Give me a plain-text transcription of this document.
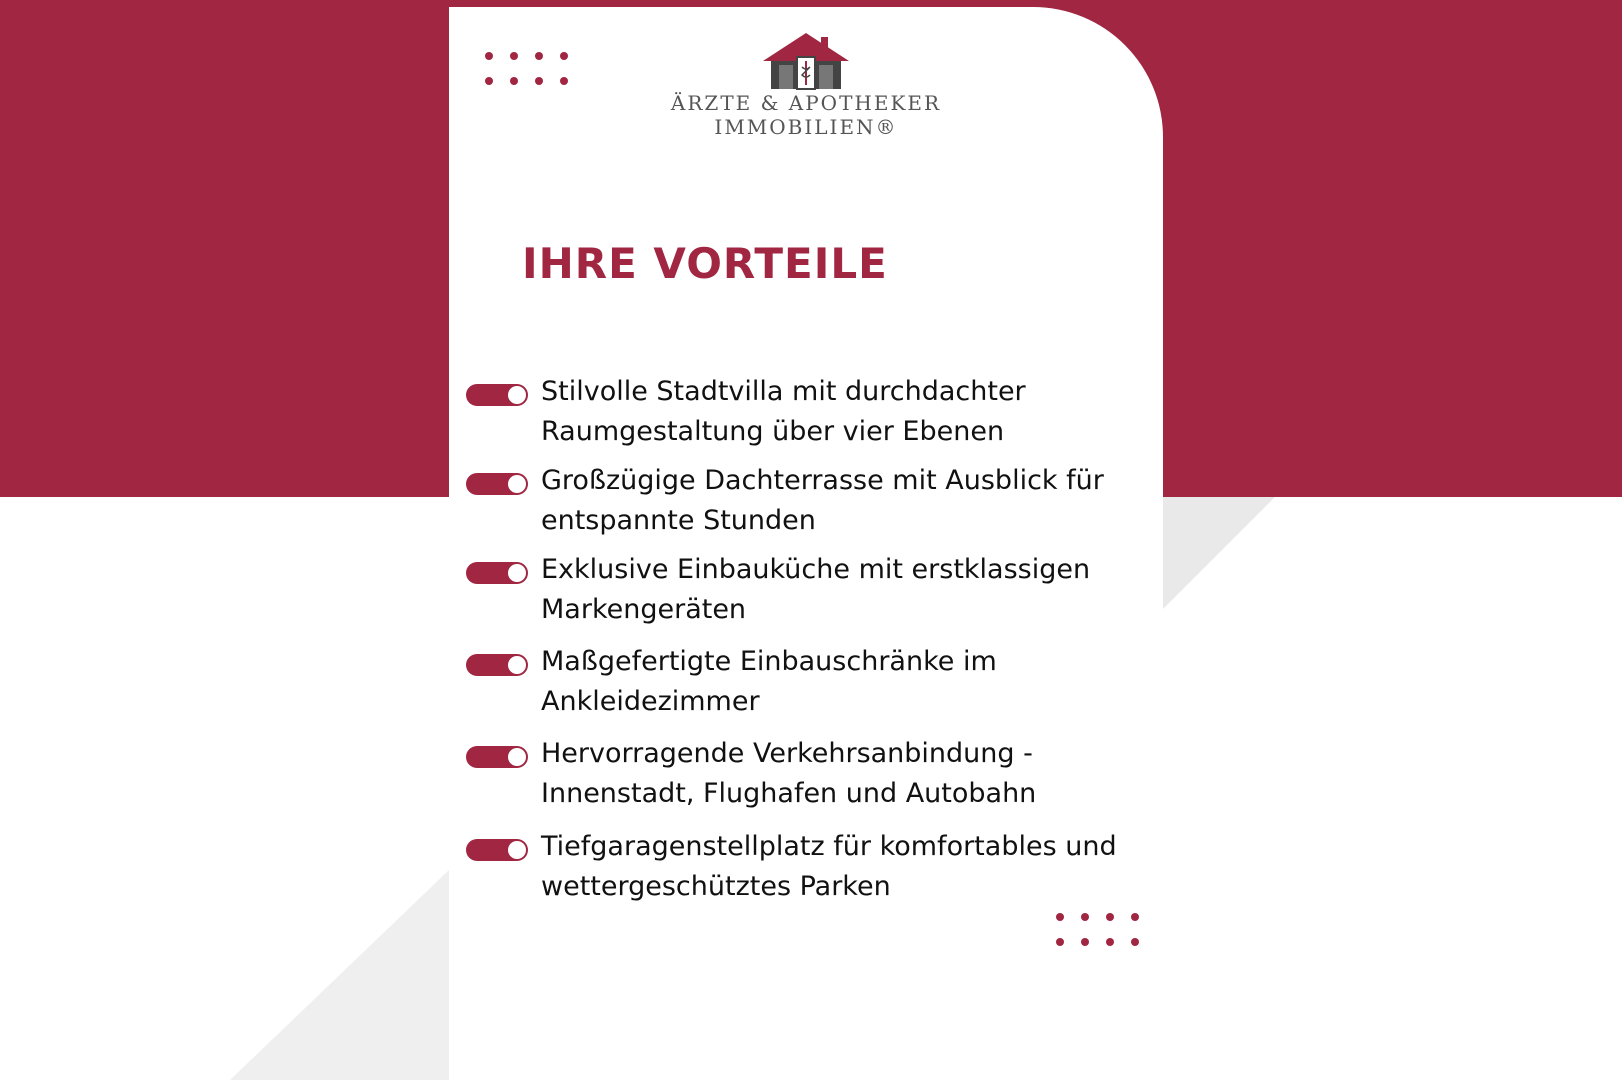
ÄRZTE & APOTHEKER
IMMOBILIEN®
IHRE VORTEILE
Stilvolle Stadtvilla mit durchdachter Raumgestaltung über vier Ebenen
Großzügige Dachterrasse mit Ausblick für entspannte Stunden
Exklusive Einbauküche mit erstklassigen Markengeräten
Maßgefertigte Einbauschränke im Ankleidezimmer
Hervorragende Verkehrsanbindung - Innenstadt, Flughafen und Autobahn
Tiefgaragenstellplatz für komfortables und wettergeschütztes Parken
